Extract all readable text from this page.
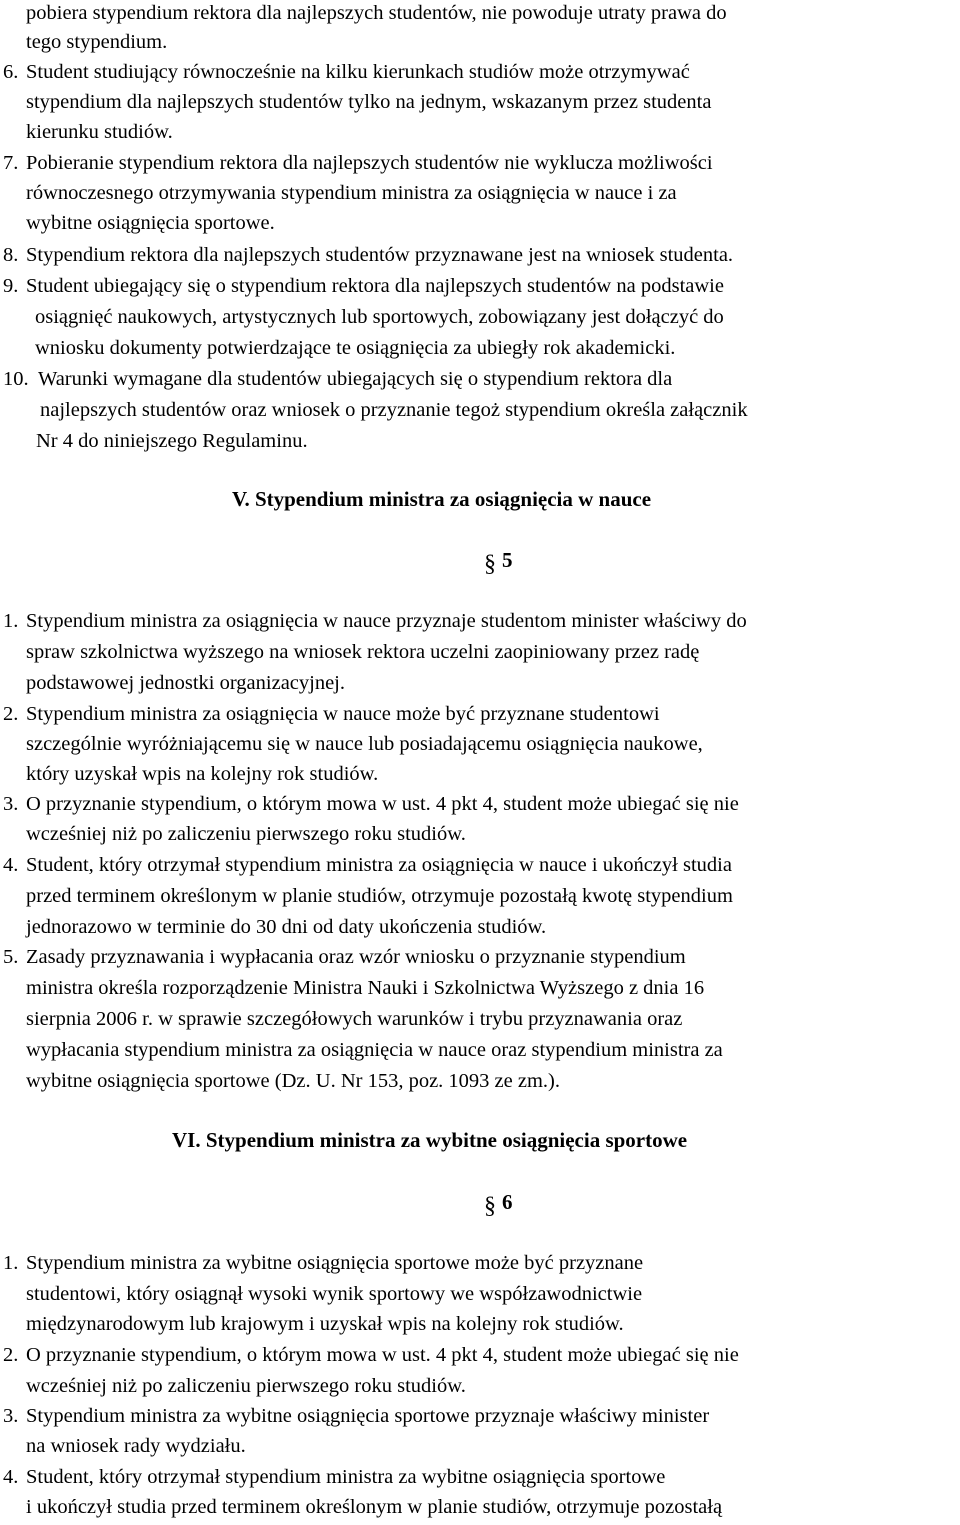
pobiera stypendium rektora dla najlepszych studentów, nie powoduje utraty prawa do
tego stypendium.
6. Student studiujący równocześnie na kilku kierunkach studiów może otrzymywać
stypendium dla najlepszych studentów tylko na jednym, wskazanym przez studenta
kierunku studiów.
7. Pobieranie stypendium rektora dla najlepszych studentów nie wyklucza możliwości
równoczesnego otrzymywania stypendium ministra za osiągnięcia w nauce i za
wybitne osiągnięcia sportowe.
8. Stypendium rektora dla najlepszych studentów przyznawane jest na wniosek studenta.
9. Student ubiegający się o stypendium rektora dla najlepszych studentów na podstawie
osiągnięć naukowych, artystycznych lub sportowych, zobowiązany jest dołączyć do
wniosku dokumenty potwierdzające te osiągnięcia za ubiegły rok akademicki.
10. Warunki wymagane dla studentów ubiegających się o stypendium rektora dla
najlepszych studentów oraz wniosek o przyznanie tegoż stypendium określa załącznik
Nr 4 do niniejszego Regulaminu.
V. Stypendium ministra za osiągnięcia w nauce
§ 5
1. Stypendium ministra za osiągnięcia w nauce przyznaje studentom minister właściwy do
spraw szkolnictwa wyższego na wniosek rektora uczelni zaopiniowany przez radę
podstawowej jednostki organizacyjnej.
2. Stypendium ministra za osiągnięcia w nauce może być przyznane studentowi
szczególnie wyróżniającemu się w nauce lub posiadającemu osiągnięcia naukowe,
który uzyskał wpis na kolejny rok studiów.
3. O przyznanie stypendium, o którym mowa w ust. 4 pkt 4, student może ubiegać się nie
wcześniej niż po zaliczeniu pierwszego roku studiów.
4. Student, który otrzymał stypendium ministra za osiągnięcia w nauce i ukończył studia
przed terminem określonym w planie studiów, otrzymuje pozostałą kwotę stypendium
jednorazowo w terminie do 30 dni od daty ukończenia studiów.
5. Zasady przyznawania i wypłacania oraz wzór wniosku o przyznanie stypendium
ministra określa rozporządzenie Ministra Nauki i Szkolnictwa Wyższego z dnia 16
sierpnia 2006 r. w sprawie szczegółowych warunków i trybu przyznawania oraz
wypłacania stypendium ministra za osiągnięcia w nauce oraz stypendium ministra za
wybitne osiągnięcia sportowe (Dz. U. Nr 153, poz. 1093 ze zm.).
VI. Stypendium ministra za wybitne osiągnięcia sportowe
§ 6
1. Stypendium ministra za wybitne osiągnięcia sportowe może być przyznane
studentowi, który osiągnął wysoki wynik sportowy we współzawodnictwie
międzynarodowym lub krajowym i uzyskał wpis na kolejny rok studiów.
2. O przyznanie stypendium, o którym mowa w ust. 4 pkt 4, student może ubiegać się nie
wcześniej niż po zaliczeniu pierwszego roku studiów.
3. Stypendium ministra za wybitne osiągnięcia sportowe przyznaje właściwy minister
na wniosek rady wydziału.
4. Student, który otrzymał stypendium ministra za wybitne osiągnięcia sportowe
i ukończył studia przed terminem określonym w planie studiów, otrzymuje pozostałą
